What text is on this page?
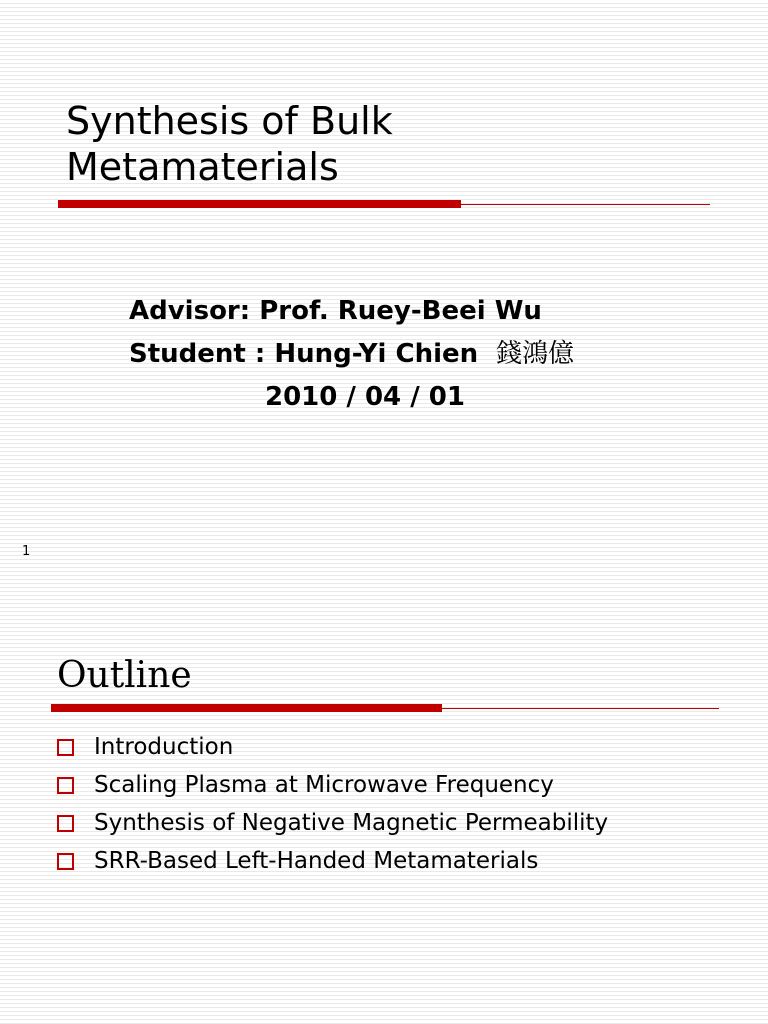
Synthesis of Bulk
Metamaterials
Advisor: Prof. Ruey-Beei Wu
Student : Hung-Yi Chien 錢鴻億
2010 / 04 / 01
1
Outline
Introduction
Scaling Plasma at Microwave Frequency
Synthesis of Negative Magnetic Permeability
SRR-Based Left-Handed Metamaterials
